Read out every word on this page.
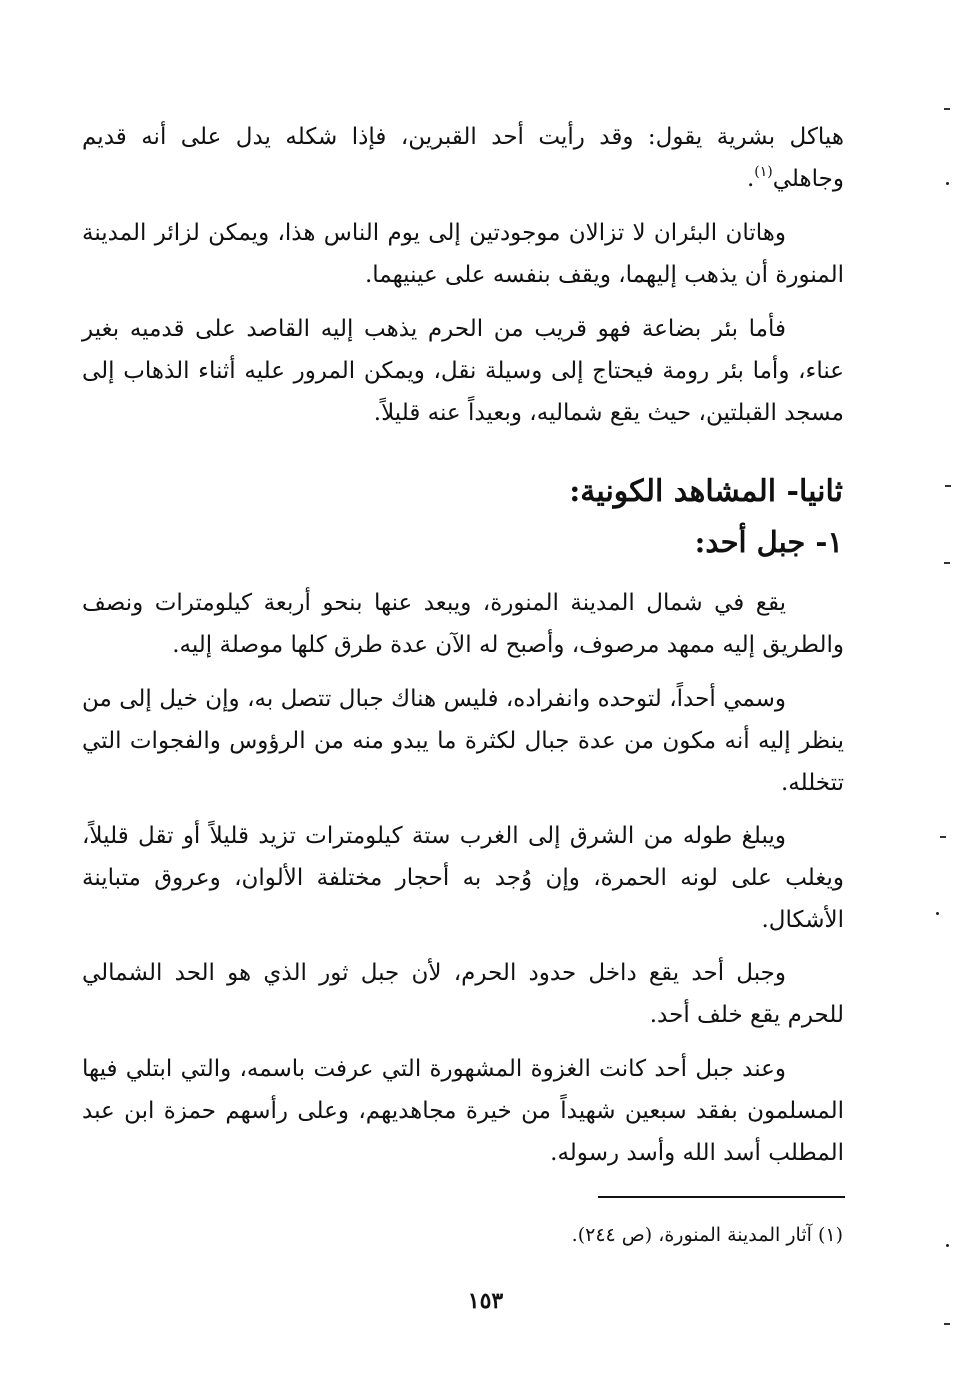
هياكل بشرية يقول: وقد رأيت أحد القبرين، فإذا شكله يدل على أنه قديم وجاهلي$^{(١)}$.

وهاتان البئران لا تزالان موجودتين إلى يوم الناس هذا، ويمكن لزائر المدينة المنورة أن يذهب إليهما، ويقف بنفسه على عينيهما.

فأما بئر بضاعة فهو قريب من الحرم يذهب إليه القاصد على قدميه بغير عناء، وأما بئر رومة فيحتاج إلى وسيلة نقل، ويمكن المرور عليه أثناء الذهاب إلى مسجد القبلتين، حيث يقع شماليه، وبعيداً عنه قليلاً.

ثانيا- المشاهد الكونية:
١- جبل أحد:

يقع في شمال المدينة المنورة، ويبعد عنها بنحو أربعة كيلومترات ونصف والطريق إليه ممهد مرصوف، وأصبح له الآن عدة طرق كلها موصلة إليه.

وسمي أحداً، لتوحده وانفراده، فليس هناك جبال تتصل به، وإن خيل إلى من ينظر إليه أنه مكون من عدة جبال لكثرة ما يبدو منه من الرؤوس والفجوات التي تتخلله.

ويبلغ طوله من الشرق إلى الغرب ستة كيلومترات تزيد قليلاً أو تقل قليلاً، ويغلب على لونه الحمرة، وإن وُجد به أحجار مختلفة الألوان، وعروق متباينة الأشكال.

وجبل أحد يقع داخل حدود الحرم، لأن جبل ثور الذي هو الحد الشمالي للحرم يقع خلف أحد.

وعند جبل أحد كانت الغزوة المشهورة التي عرفت باسمه، والتي ابتلي فيها المسلمون بفقد سبعين شهيداً من خيرة مجاهديهم، وعلى رأسهم حمزة ابن عبد المطلب أسد الله وأسد رسوله.

(١) آثار المدينة المنورة، (ص ٢٤٤).

١٥٣
